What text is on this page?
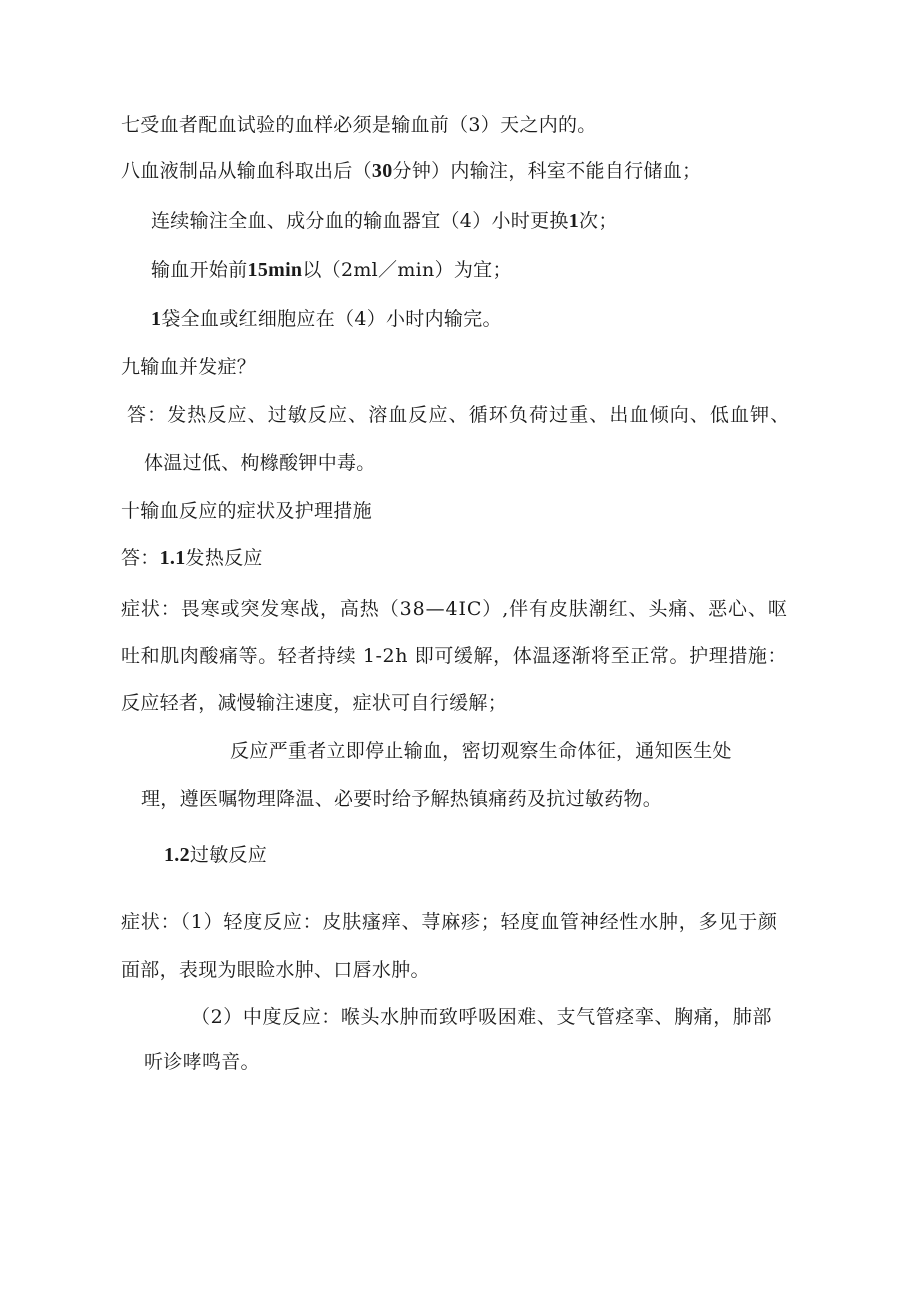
七受血者配血试验的血样必须是输血前（3）天之内的。
八血液制品从输血科取出后（30分钟）内输注，科室不能自行储血；
连续输注全血、成分血的输血器宜（4）小时更换1次；
输血开始前15min以（2ml／min）为宜；
1袋全血或红细胞应在（4）小时内输完。
九输血并发症？
答：发热反应、过敏反应、溶血反应、循环负荷过重、出血倾向、低血钾、
体温过低、枸橼酸钾中毒。
十输血反应的症状及护理措施
答：1.1发热反应
症状：畏寒或突发寒战，高热（38—4IC）,伴有皮肤潮红、头痛、恶心、呕
吐和肌肉酸痛等。轻者持续 1-2h 即可缓解，体温逐渐将至正常。护理措施：
反应轻者，减慢输注速度，症状可自行缓解；
反应严重者立即停止输血，密切观察生命体征，通知医生处
理，遵医嘱物理降温、必要时给予解热镇痛药及抗过敏药物。
1.2过敏反应
症状：（1）轻度反应：皮肤瘙痒、荨麻疹；轻度血管神经性水肿，多见于颜
面部，表现为眼睑水肿、口唇水肿。
（2）中度反应：喉头水肿而致呼吸困难、支气管痉挛、胸痛，肺部
听诊哮鸣音。
